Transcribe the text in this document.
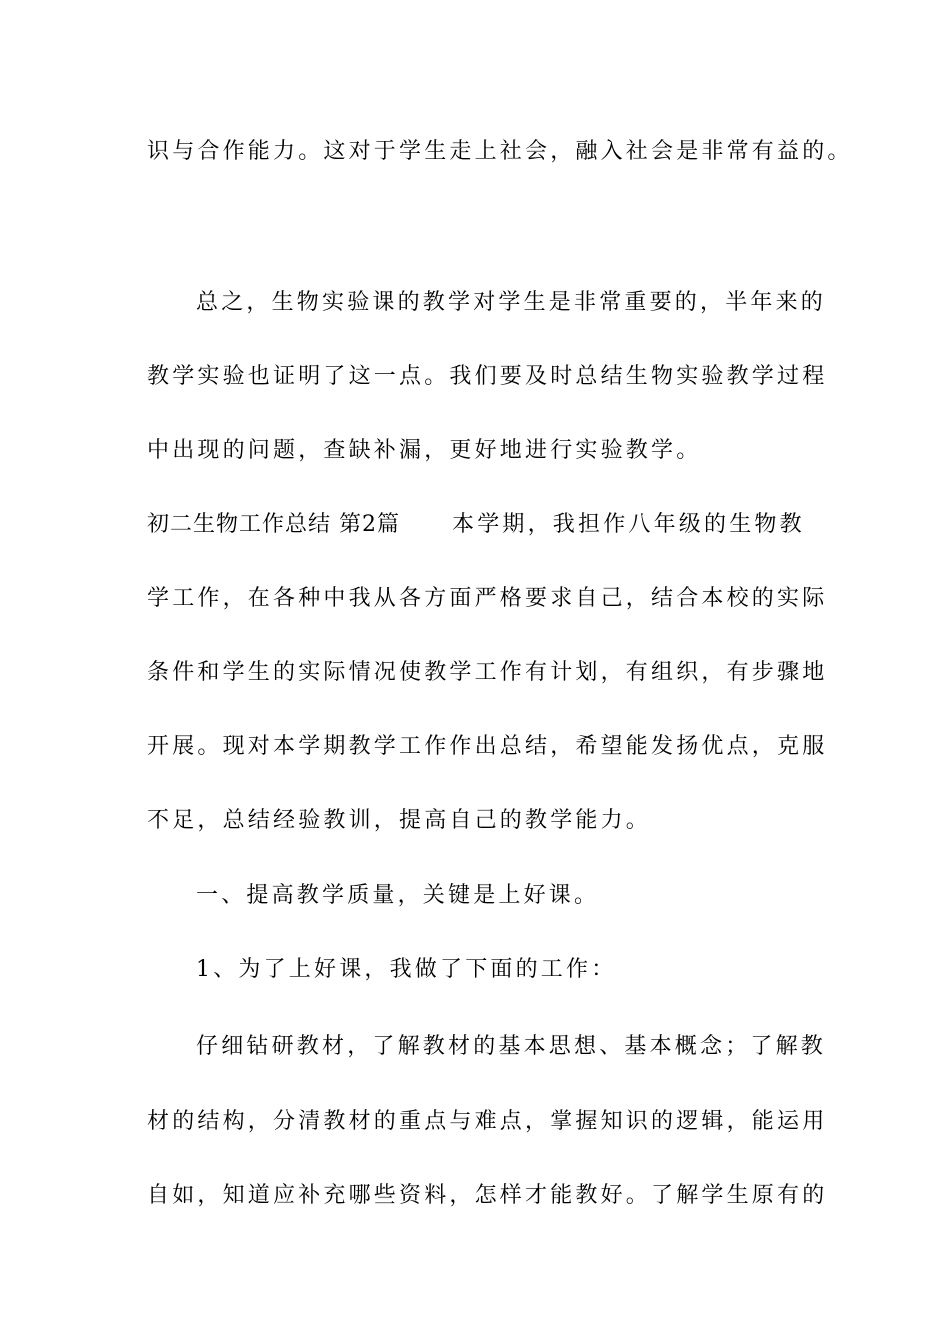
识与合作能力。这对于学生走上社会，融入社会是非常有益的。
总之，生物实验课的教学对学生是非常重要的，半年来的
教学实验也证明了这一点。我们要及时总结生物实验教学过程
中出现的问题，查缺补漏，更好地进行实验教学。
初二生物工作总结 第2篇 本学期，我担作八年级的生物教
学工作，在各种中我从各方面严格要求自己，结合本校的实际
条件和学生的实际情况使教学工作有计划，有组织，有步骤地
开展。现对本学期教学工作作出总结，希望能发扬优点，克服
不足，总结经验教训，提高自己的教学能力。
一、提高教学质量，关键是上好课。
1、为了上好课，我做了下面的工作：
仔细钻研教材，了解教材的基本思想、基本概念；了解教
材的结构，分清教材的重点与难点，掌握知识的逻辑，能运用
自如，知道应补充哪些资料，怎样才能教好。了解学生原有的
